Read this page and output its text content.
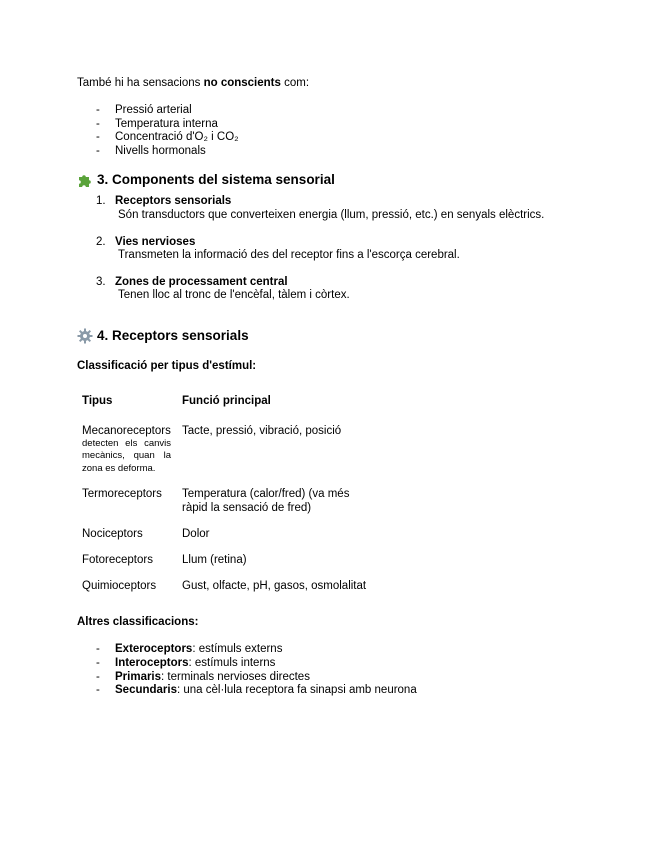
També hi ha sensacions no conscients com:

- Pressió arterial
- Temperatura interna
- Concentració d'O₂ i CO₂
- Nivells hormonals
3. Components del sistema sensorial
1. Receptors sensorials
Són transductors que converteixen energia (llum, pressió, etc.) en senyals elèctrics.
2. Vies nervioses
Transmeten la informació des del receptor fins a l'escorça cerebral.
3. Zones de processament central
Tenen lloc al tronc de l'encèfal, tàlem i còrtex.
4. Receptors sensorials

Classificació per tipus d'estímul:

Tipus	Funció principal
Mecanoreceptors
detecten els canvis mecànics, quan la zona es deforma.	Tacte, pressió, vibració, posició
Termoreceptors	Temperatura (calor/fred) (va més ràpid la sensació de fred)
Nociceptors	Dolor
Fotoreceptors	Llum (retina)
Quimioceptors	Gust, olfacte, pH, gasos, osmolalitat

Altres classificacions:

- Exteroceptors: estímuls externs
- Interoceptors: estímuls interns
- Primaris: terminals nervioses directes
- Secundaris: una cèl·lula receptora fa sinapsi amb neurona
